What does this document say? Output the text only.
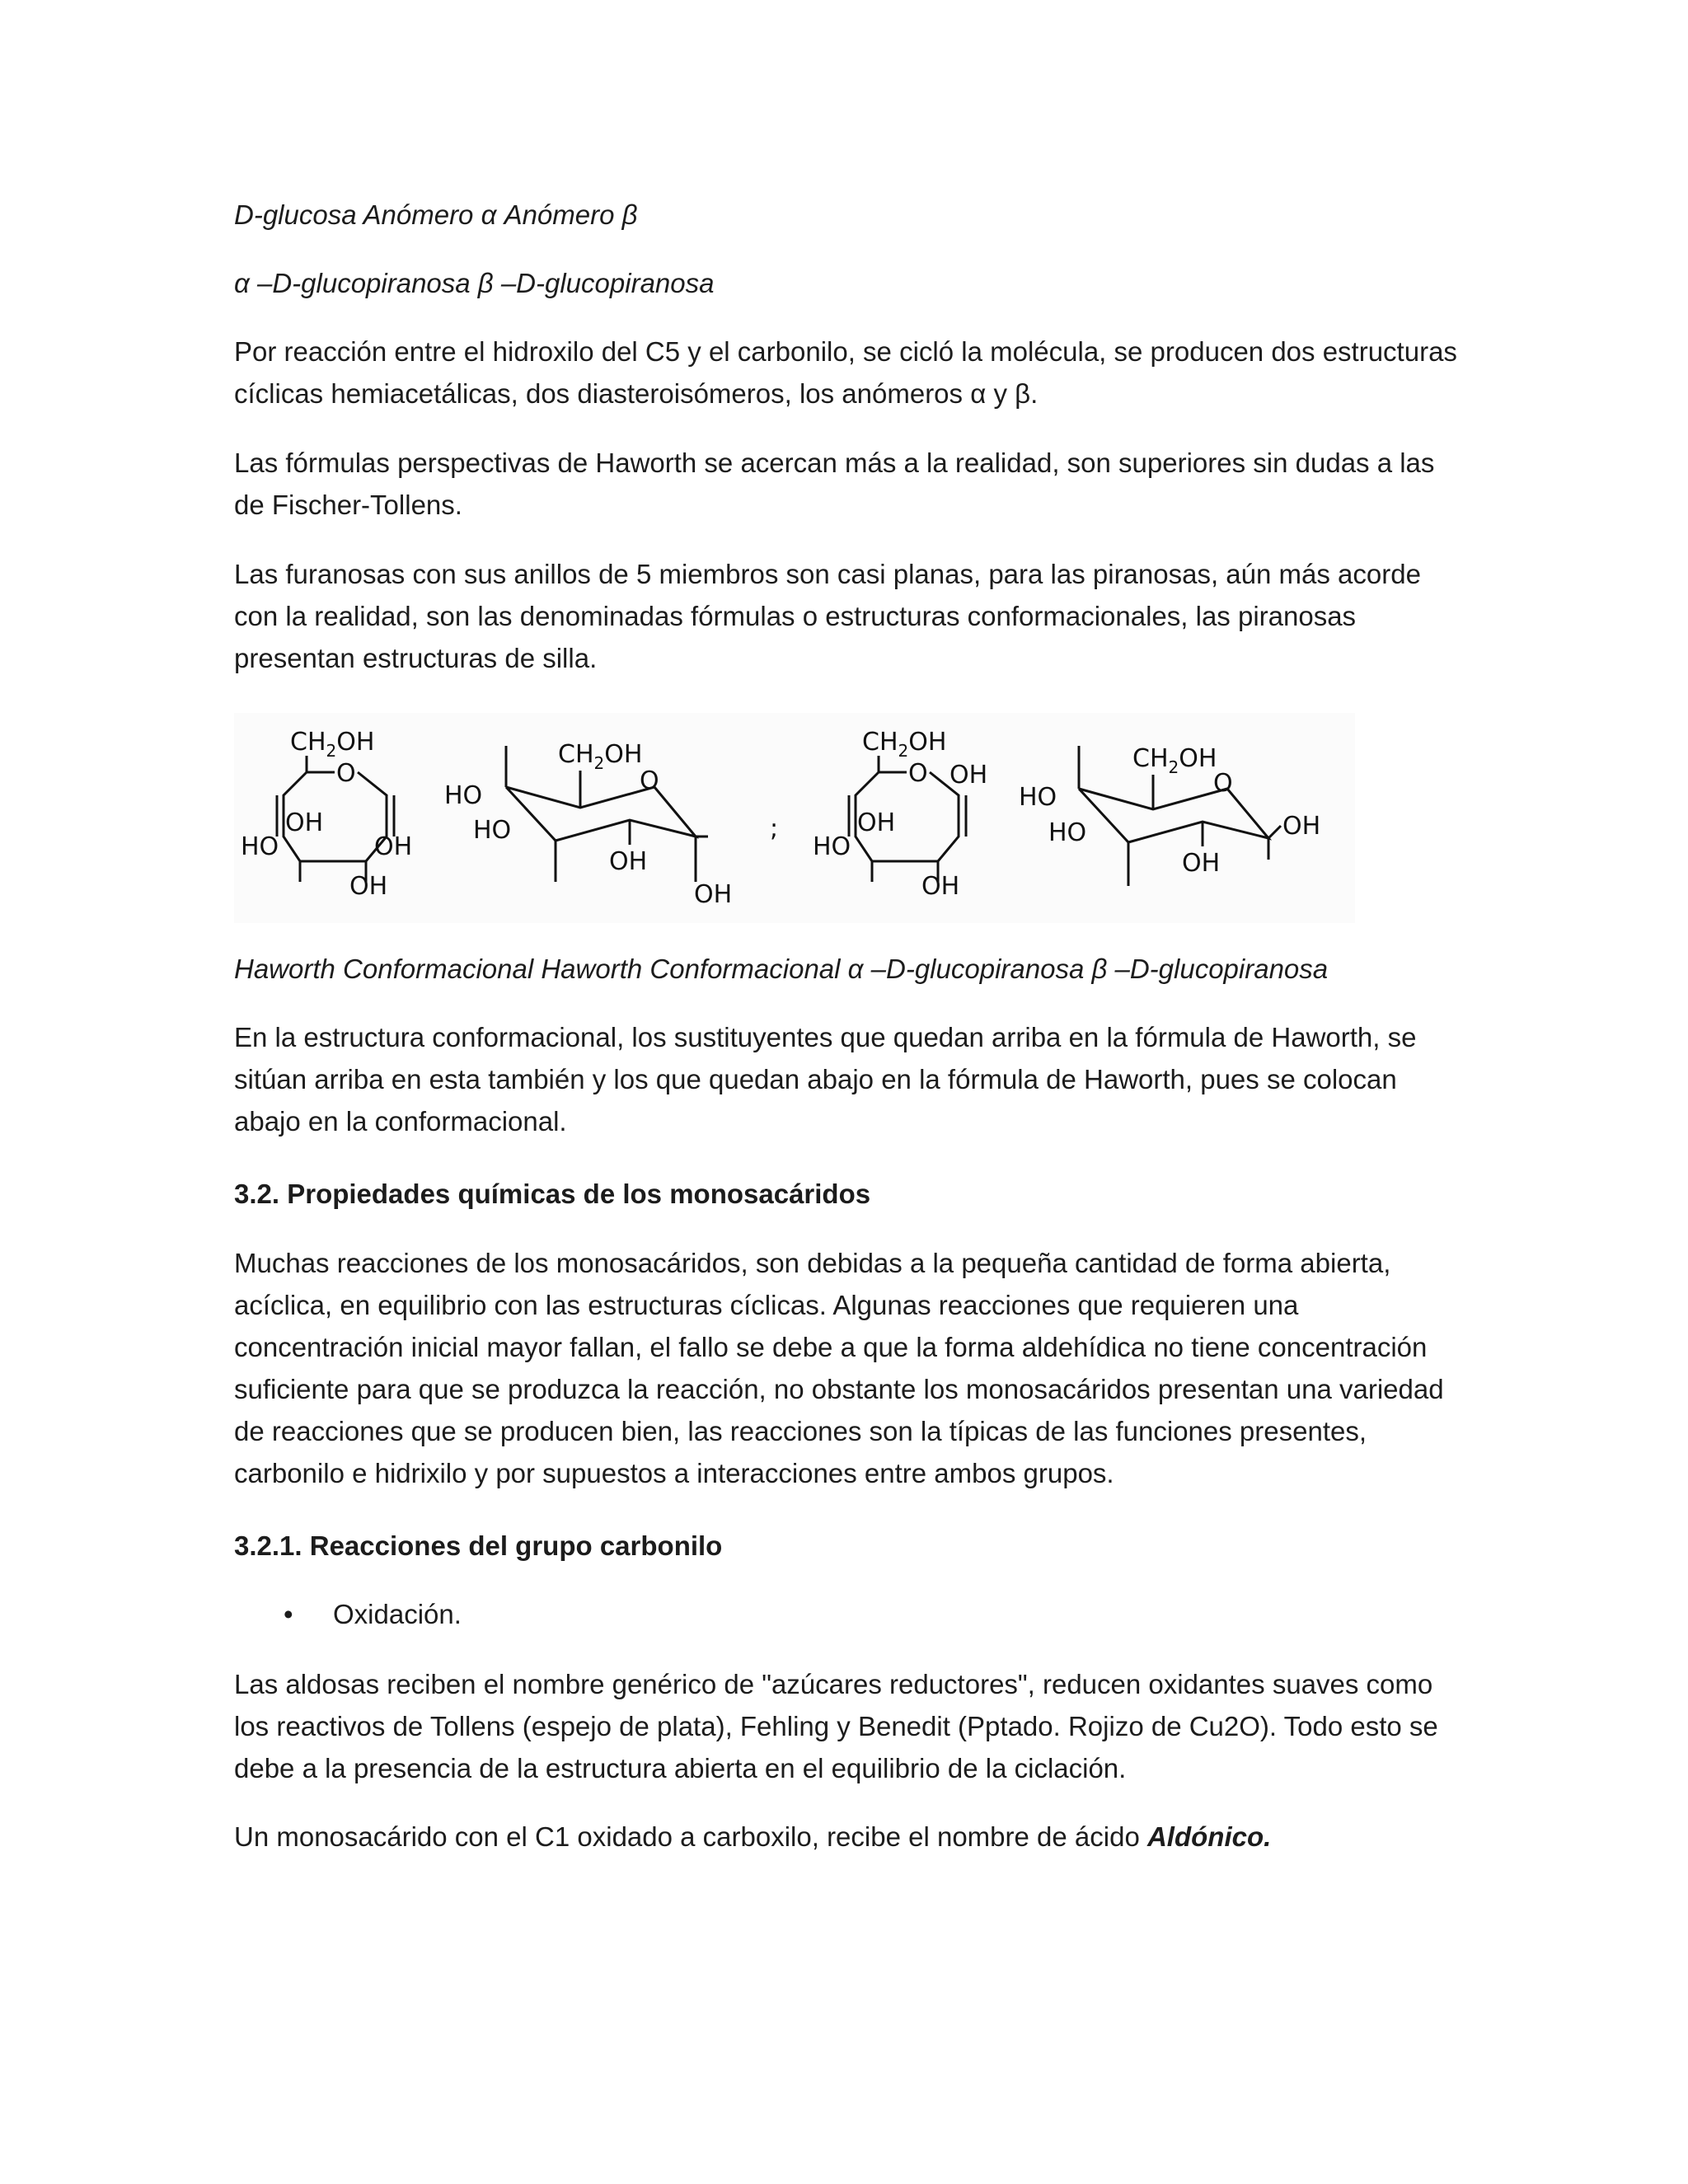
D-glucosa Anómero α Anómero β

α –D-glucopiranosa β –D-glucopiranosa

Por reacción entre el hidroxilo del C5 y el carbonilo, se cicló la molécula, se producen dos estructuras cíclicas hemiacetálicas, dos diasteroisómeros, los anómeros α y β.

Las fórmulas perspectivas de Haworth se acercan más a la realidad, son superiores sin dudas a las de Fischer-Tollens.

Las furanosas con sus anillos de 5 miembros son casi planas, para las piranosas, aún más acorde con la realidad, son las denominadas fórmulas o estructuras conformacionales, las piranosas presentan estructuras de silla.

$CH_2OH$
O
OH
HO	OH
OH
$CH_2OH$
O
HO
HO
OH
OH
;
$CH_2OH$
O OH
OH
HO
OH
$CH_2OH$
O
HO
HO
OH
OH

Haworth Conformacional Haworth Conformacional α –D-glucopiranosa β –D-glucopiranosa

En la estructura conformacional, los sustituyentes que quedan arriba en la fórmula de Haworth, se sitúan arriba en esta también y los que quedan abajo en la fórmula de Haworth, pues se colocan abajo en la conformacional.

3.2. Propiedades químicas de los monosacáridos

Muchas reacciones de los monosacáridos, son debidas a la pequeña cantidad de forma abierta, acíclica, en equilibrio con las estructuras cíclicas. Algunas reacciones que requieren una concentración inicial mayor fallan, el fallo se debe a que la forma aldehídica no tiene concentración suficiente para que se produzca la reacción, no obstante los monosacáridos presentan una variedad de reacciones que se producen bien, las reacciones son la típicas de las funciones presentes, carbonilo e hidrixilo y por supuestos a interacciones entre ambos grupos.

3.2.1. Reacciones del grupo carbonilo

• Oxidación.

Las aldosas reciben el nombre genérico de "azúcares reductores", reducen oxidantes suaves como los reactivos de Tollens (espejo de plata), Fehling y Benedit (Pptado. Rojizo de Cu2O). Todo esto se debe a la presencia de la estructura abierta en el equilibrio de la ciclación.

Un monosacárido con el C1 oxidado a carboxilo, recibe el nombre de ácido Aldónico.
